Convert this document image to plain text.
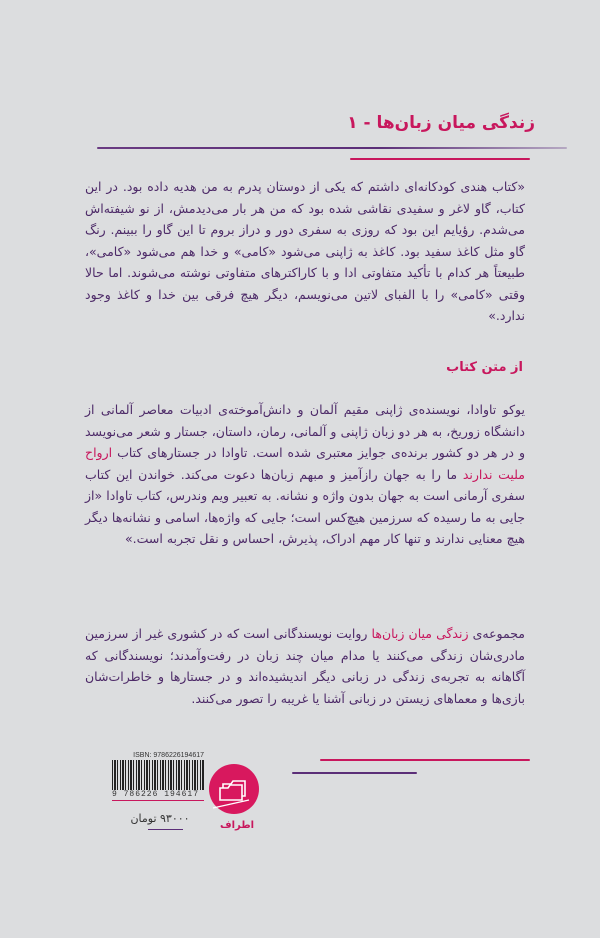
زندگی میان زبان‌ها - ۱
«کتاب هندی کودکانه‌ای داشتم که یکی از دوستان پدرم به من هدیه داده بود. در این کتاب، گاو لاغر و سفیدی نقاشی شده بود که من هر بار می‌دیدمش، از نو شیفته‌اش می‌شدم. رؤیایم این بود که روزی به سفری دور و دراز بروم تا این گاو را ببینم. رنگ گاو مثل کاغذ سفید بود. کاغذ به ژاپنی می‌شود «کامی» و خدا هم می‌شود «کامی»، طبیعتاً هر کدام با تأکید متفاوتی ادا و با کاراکترهای متفاوتی نوشته می‌شوند. اما حالا وقتی «کامی» را با الفبای لاتین می‌نویسم، دیگر هیچ فرقی بین خدا و کاغذ وجود ندارد.»
از متن کتاب
یوکو تاوادا، نویسنده‌ی ژاپنی مقیم آلمان و دانش‌آموخته‌ی ادبیات معاصر آلمانی از دانشگاه زوریخ، به هر دو زبان ژاپنی و آلمانی، رمان، داستان، جستار و شعر می‌نویسد و در هر دو کشور برنده‌ی جوایز معتبری شده است. تاوادا در جستارهای کتاب ارواح ملیت ندارند ما را به جهان رازآمیز و مبهم زبان‌ها دعوت می‌کند. خواندن این کتاب سفری آرمانی است به جهان بدون واژه و نشانه. به تعبیر ویم وندرس، کتاب تاوادا «از جایی به ما رسیده که سرزمین هیچ‌کس است؛ جایی که واژه‌ها، اسامی و نشانه‌ها دیگر هیچ معنایی ندارند و تنها کار مهم ادراک، پذیرش، احساس و نقل تجربه است.»
مجموعه‌ی زندگی میان زبان‌ها روایت نویسندگانی است که در کشوری غیر از سرزمین مادری‌شان زندگی می‌کنند یا مدام میان چند زبان در رفت‌وآمدند؛ نویسندگانی که آگاهانه به تجربه‌ی زندگی در زبانی دیگر اندیشیده‌اند و در جستارها و خاطرات‌شان بازی‌ها و معماهای زیستن در زبانی آشنا یا غریبه را تصور می‌کنند.
اطراف
ISBN: 9786226194617
9 786226 194617
۹۳۰۰۰ تومان
